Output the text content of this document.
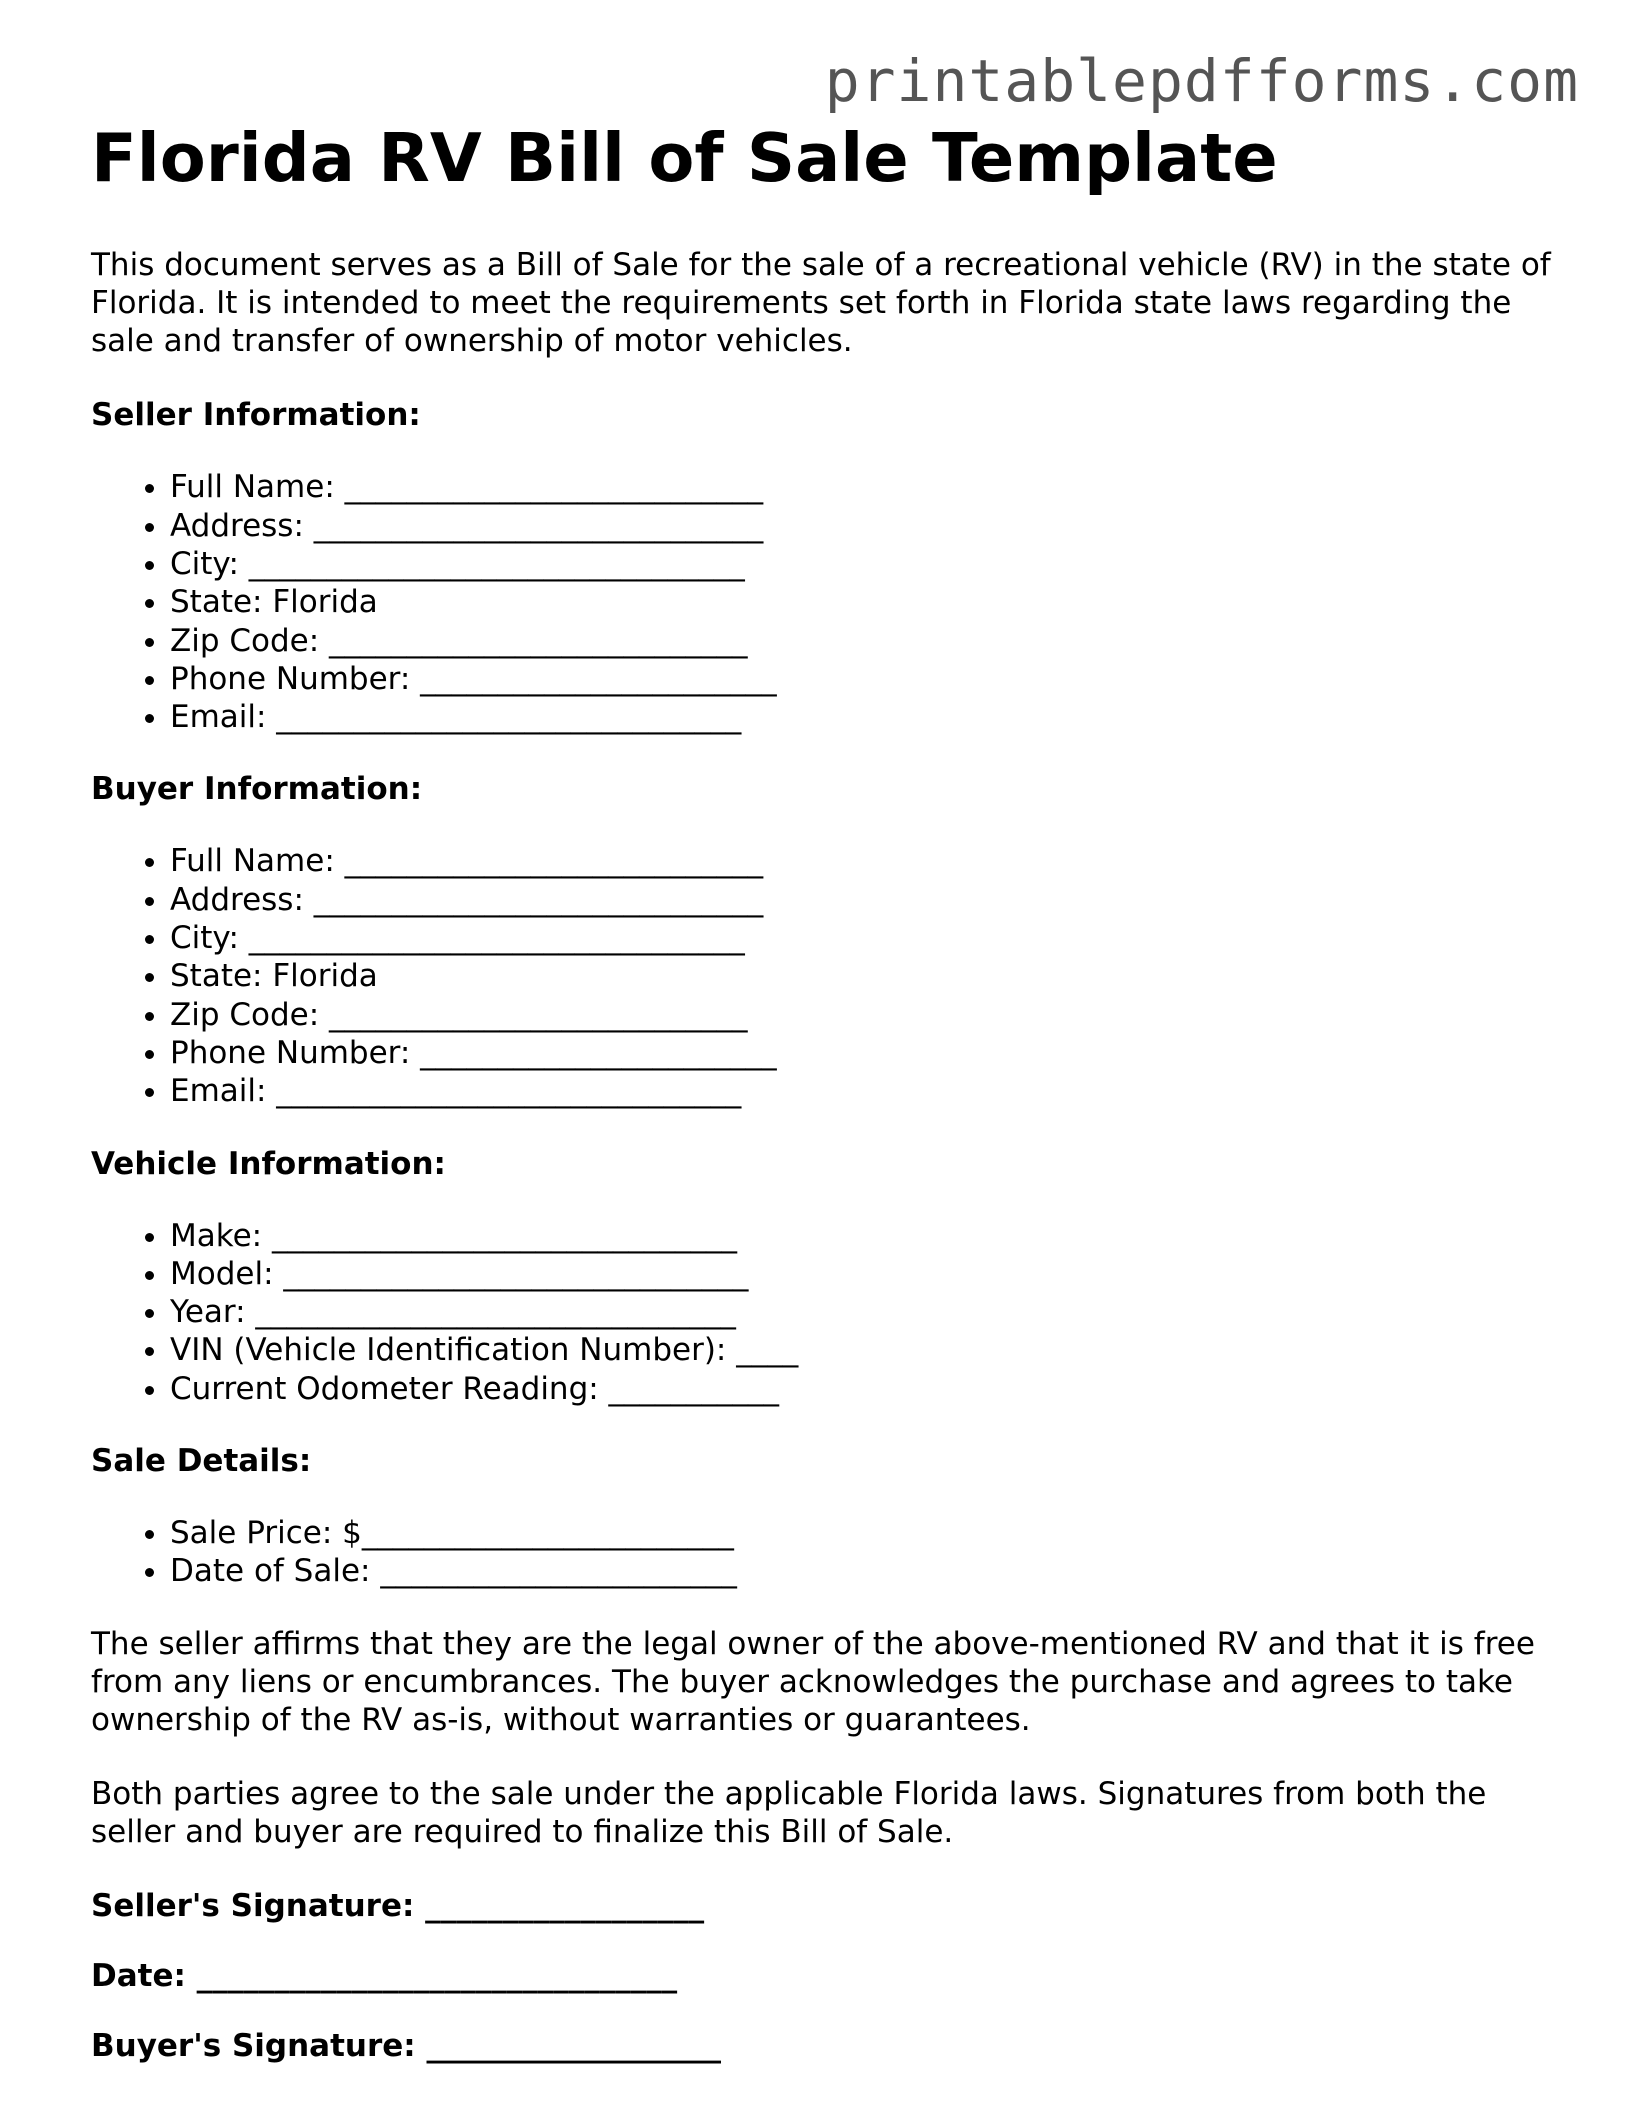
printablepdfforms.com
Florida RV Bill of Sale Template

This document serves as a Bill of Sale for the sale of a recreational vehicle (RV) in the state of Florida. It is intended to meet the requirements set forth in Florida state laws regarding the sale and transfer of ownership of motor vehicles.

Seller Information:
• Full Name: ___________________________
• Address: _____________________________
• City: ________________________________
• State: Florida
• Zip Code: ___________________________
• Phone Number: _______________________
• Email: ______________________________
Buyer Information:
• Full Name: ___________________________
• Address: _____________________________
• City: ________________________________
• State: Florida
• Zip Code: ___________________________
• Phone Number: _______________________
• Email: ______________________________
Vehicle Information:
• Make: ______________________________
• Model: ______________________________
• Year: _______________________________
• VIN (Vehicle Identification Number): ____
• Current Odometer Reading: ___________
Sale Details:
• Sale Price: $________________________
• Date of Sale: _______________________

The seller affirms that they are the legal owner of the above-mentioned RV and that it is free from any liens or encumbrances. The buyer acknowledges the purchase and agrees to take ownership of the RV as-is, without warranties or guarantees.

Both parties agree to the sale under the applicable Florida laws. Signatures from both the seller and buyer are required to finalize this Bill of Sale.

Seller's Signature: __________________
Date: _______________________________
Buyer's Signature: ___________________
